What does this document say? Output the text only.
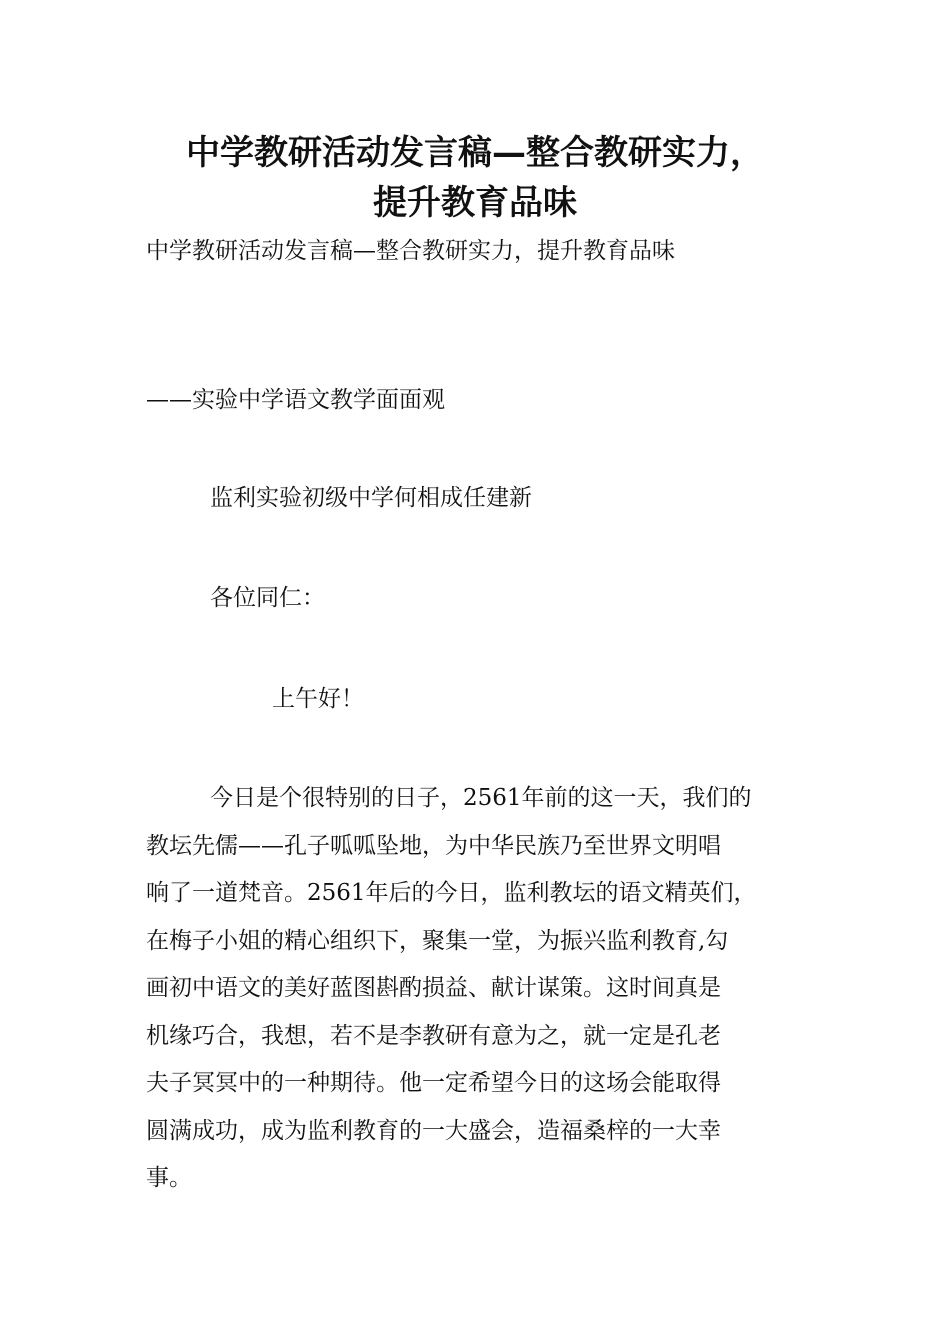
中学教研活动发言稿—整合教研实力，
提升教育品味

中学教研活动发言稿—整合教研实力，提升教育品味

——实验中学语文教学面面观

监利实验初级中学何相成任建新

各位同仁：

上午好！

今日是个很特别的日子，2561年前的这一天，我们的
教坛先儒——孔子呱呱坠地，为中华民族乃至世界文明唱
响了一道梵音。2561年后的今日，监利教坛的语文精英们，
在梅子小姐的精心组织下，聚集一堂，为振兴监利教育,勾
画初中语文的美好蓝图斟酌损益、献计谋策。这时间真是
机缘巧合，我想，若不是李教研有意为之，就一定是孔老
夫子冥冥中的一种期待。他一定希望今日的这场会能取得
圆满成功，成为监利教育的一大盛会，造福桑梓的一大幸
事。
